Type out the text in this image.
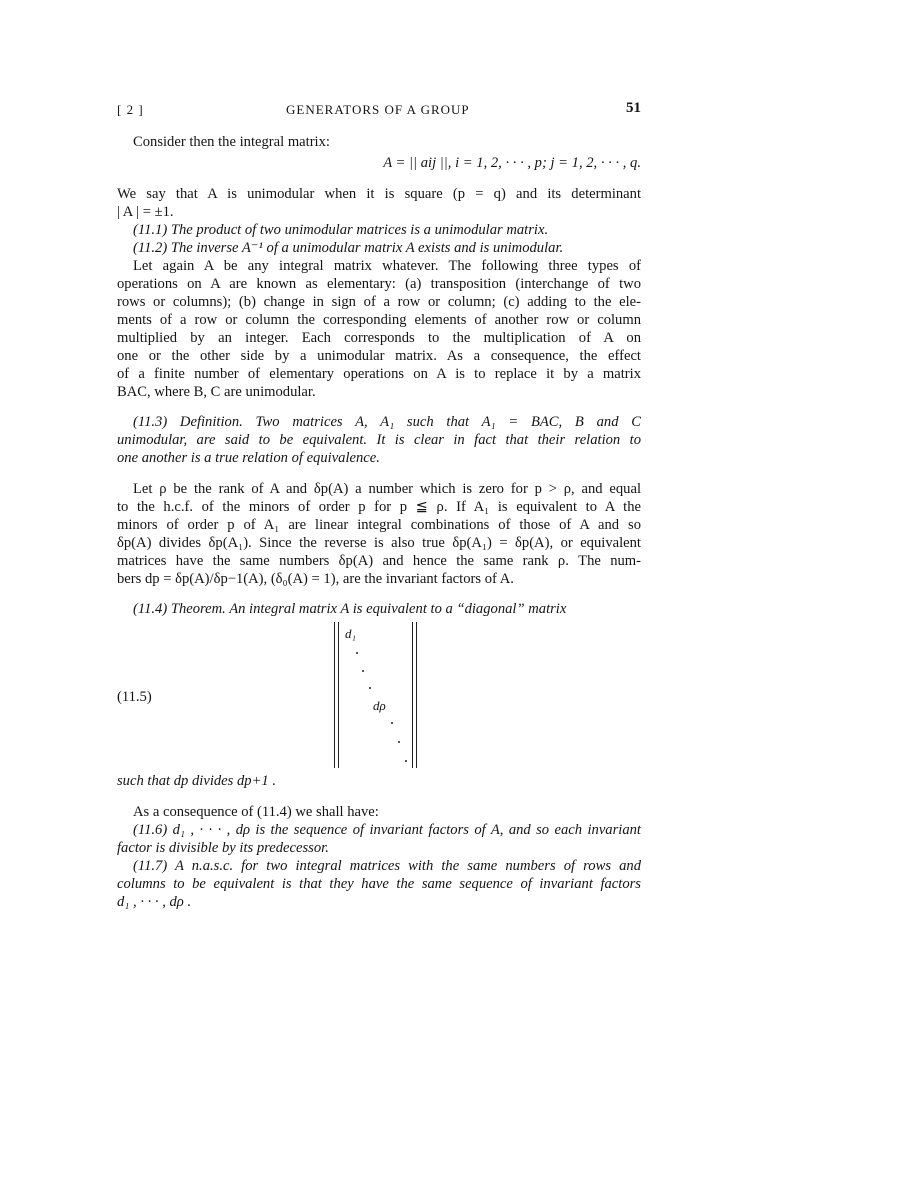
[ 2 ]	GENERATORS OF A GROUP	51
Consider then the integral matrix:
A = || aij ||, i = 1, 2, · · · , p; j = 1, 2, · · · , q.
We say that A is unimodular when it is square (p = q) and its determinant
| A | = ±1.
(11.1) The product of two unimodular matrices is a unimodular matrix.
(11.2) The inverse A⁻¹ of a unimodular matrix A exists and is unimodular.
Let again A be any integral matrix whatever. The following three types of
operations on A are known as elementary: (a) transposition (interchange of two
rows or columns); (b) change in sign of a row or column; (c) adding to the ele-
ments of a row or column the corresponding elements of another row or column
multiplied by an integer. Each corresponds to the multiplication of A on
one or the other side by a unimodular matrix. As a consequence, the effect
of a finite number of elementary operations on A is to replace it by a matrix
BAC, where B, C are unimodular.
(11.3) Definition. Two matrices A, A₁ such that A₁ = BAC, B and C
unimodular, are said to be equivalent. It is clear in fact that their relation to
one another is a true relation of equivalence.
Let ρ be the rank of A and δp(A) a number which is zero for p > ρ, and equal
to the h.c.f. of the minors of order p for p ≦ ρ. If A₁ is equivalent to A the
minors of order p of A₁ are linear integral combinations of those of A and so
δp(A) divides δp(A₁). Since the reverse is also true δp(A₁) = δp(A), or equivalent
matrices have the same numbers δp(A) and hence the same rank ρ. The num-
bers dp = δp(A)/δp−1(A), (δ₀(A) = 1), are the invariant factors of A.
(11.4) Theorem. An integral matrix A is equivalent to a “diagonal” matrix
(11.5)
d₁
dρ
such that dp divides dp+1 .
As a consequence of (11.4) we shall have:
(11.6) d₁ , · · · , dρ is the sequence of invariant factors of A, and so each invariant
factor is divisible by its predecessor.
(11.7) A n.a.s.c. for two integral matrices with the same numbers of rows and
columns to be equivalent is that they have the same sequence of invariant factors
d₁ , · · · , dρ .
